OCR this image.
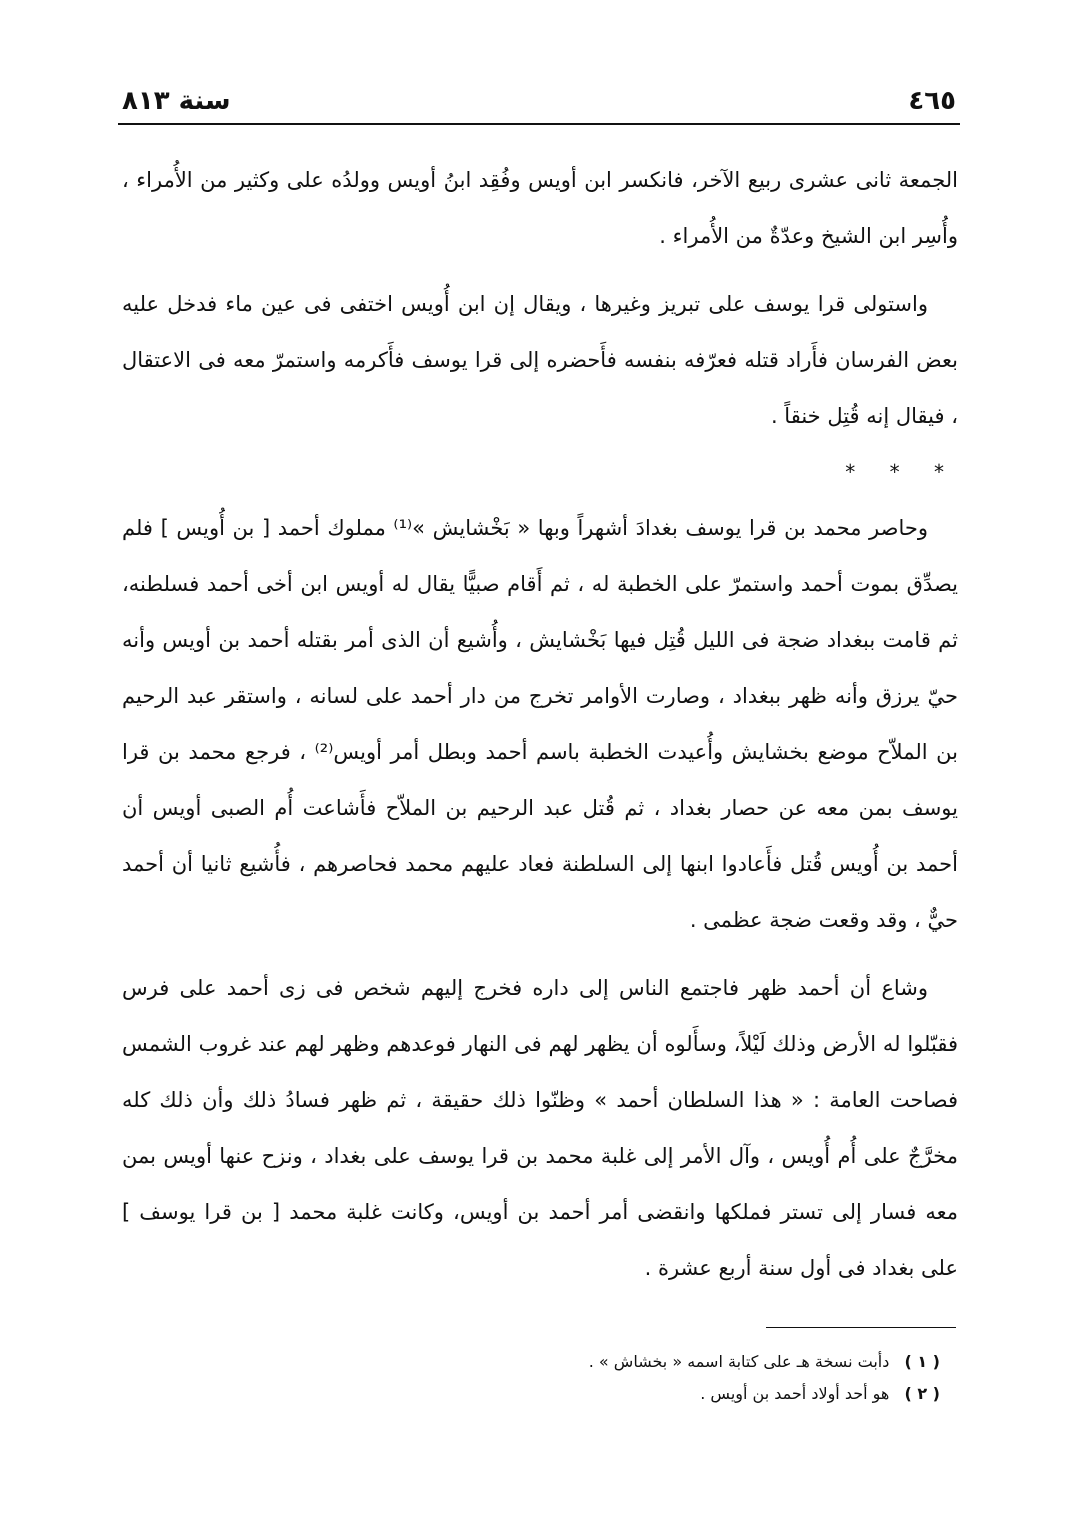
٤٦٥
سنة ٨١٣

الجمعة ثانى عشرى ربيع الآخر، فانكسر ابن أويس وفُقِد ابنُ أويس وولدُه على وكثير من الأُمراء ، وأُسِر ابن الشيخ وعدّةٌ من الأُمراء .

واستولى قرا يوسف على تبريز وغيرها ، ويقال إن ابن أُويس اختفى فى عين ماء فدخل عليه بعض الفرسان فأَراد قتله فعرّفه بنفسه فأَحضره إلى قرا يوسف فأَكرمه واستمرّ معه فى الاعتقال ، فيقال إنه قُتِل خنقاً .

* * *

وحاصر محمد بن قرا يوسف بغدادَ أشهراً وبها « بَخْشايش »⁽¹⁾ مملوك أحمد [ بن أُويس ] فلم يصدِّق بموت أحمد واستمرّ على الخطبة له ، ثم أَقام صبيًّا يقال له أويس ابن أخى أحمد فسلطنه، ثم قامت ببغداد ضجة فى الليل قُتِل فيها بَخْشايش ، وأُشيع أن الذى أمر بقتله أحمد بن أويس وأنه حيّ يرزق وأنه ظهر ببغداد ، وصارت الأوامر تخرج من دار أحمد على لسانه ، واستقر عبد الرحيم بن الملاّح موضع بخشايش وأُعيدت الخطبة باسم أحمد وبطل أمر أويس⁽²⁾ ، فرجع محمد بن قرا يوسف بمن معه عن حصار بغداد ، ثم قُتل عبد الرحيم بن الملاّح فأَشاعت أُم الصبى أويس أن أحمد بن أُويس قُتل فأَعادوا ابنها إلى السلطنة فعاد عليهم محمد فحاصرهم ، فأُشيع ثانيا أن أحمد حيٌّ ، وقد وقعت ضجة عظمى .

وشاع أن أحمد ظهر فاجتمع الناس إلى داره فخرج إليهم شخص فى زى أحمد على فرس فقبّلوا له الأرض وذلك لَيْلاً، وسأَلوه أن يظهر لهم فى النهار فوعدهم وظهر لهم عند غروب الشمس فصاحت العامة : « هذا السلطان أحمد » وظنّوا ذلك حقيقة ، ثم ظهر فسادُ ذلك وأن ذلك كله مخرَّجٌ على أُم أُويس ، وآل الأمر إلى غلبة محمد بن قرا يوسف على بغداد ، ونزح عنها أويس بمن معه فسار إلى تستر فملكها وانقضى أمر أحمد بن أويس، وكانت غلبة محمد [ بن قرا يوسف ] على بغداد فى أول سنة أربع عشرة .

( ١ ) دأبت نسخة هـ على كتابة اسمه « بخشاش » .

( ٢ ) هو أحد أولاد أحمد بن أويس .
